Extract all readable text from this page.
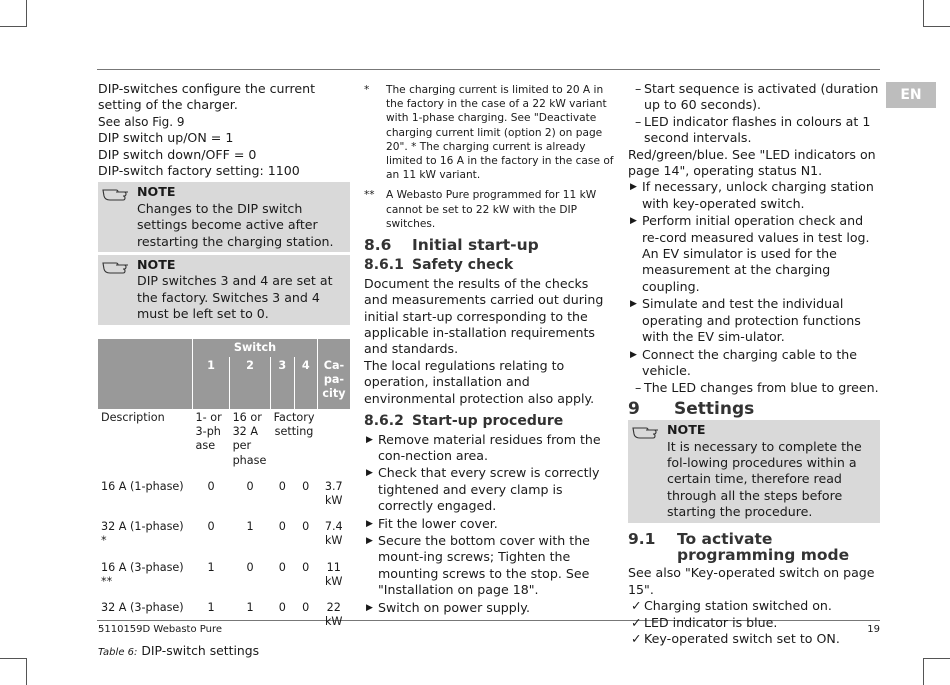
EN

DIP-switches configure the current setting of the charger.

See also Fig. 9

DIP switch up/ON = 1

DIP switch down/OFF = 0

DIP-switch factory setting: 1100

NOTE
Changes to the DIP switch settings become active after restarting the charging station.
NOTE
DIP switches 3 and 4 are set at the factory. Switches 3 and 4 must be left set to 0.
	Switch				
	1	2	3	4	Ca-pa-city
Description	1- or 3-phase	16 or 32 A per phase	Factory setting		
16 A (1-phase)	0	0	0	0	3.7 kW
32 A (1-phase) *	0	1	0	0	7.4 kW
16 A (3-phase) **	1	0	0	0	11 kW
32 A (3-phase)	1	1	0	0	22 kW
Table 6: DIP-switch settings
*	The charging current is limited to 20 A in the factory in the case of a 22 kW variant with 1-phase charging. See "Deactivate charging current limit (option 2) on page 20". * The charging current is already limited to 16 A in the factory in the case of an 11 kW variant.
**	A Webasto Pure programmed for 11 kW cannot be set to 22 kW with the DIP switches.
8.6 Initial start-up
8.6.1 Safety check

Document the results of the checks and measurements carried out during initial start-up corresponding to the applicable in-stallation requirements and standards.

The local regulations relating to operation, installation and environmental protection also apply.

8.6.2 Start-up procedure
▶ Remove material residues from the con-nection area.
▶ Check that every screw is correctly tightened and every clamp is correctly engaged.
▶ Fit the lower cover.
▶ Secure the bottom cover with the mount-ing screws; Tighten the mounting screws to the stop. See "Installation on page 18".
▶ Switch on power supply.
– Start sequence is activated (duration up to 60 seconds).
– LED indicator flashes in colours at 1 second intervals.

Red/green/blue. See "LED indicators on page 14", operating status N1.

▶ If necessary, unlock charging station with key-operated switch.
▶ Perform initial operation check and re-cord measured values in test log. An EV simulator is used for the measurement at the charging coupling.
▶ Simulate and test the individual operating and protection functions with the EV sim-ulator.
▶ Connect the charging cable to the vehicle.
– The LED changes from blue to green.
9 Settings
NOTE
It is necessary to complete the fol-lowing procedures within a certain time, therefore read through all the steps before starting the procedure.
9.1	To activate programming mode

See also "Key-operated switch on page 15".

✓ Charging station switched on.
✓ LED indicator is blue.
✓ Key-operated switch set to ON.
5110159D Webasto Pure	19
